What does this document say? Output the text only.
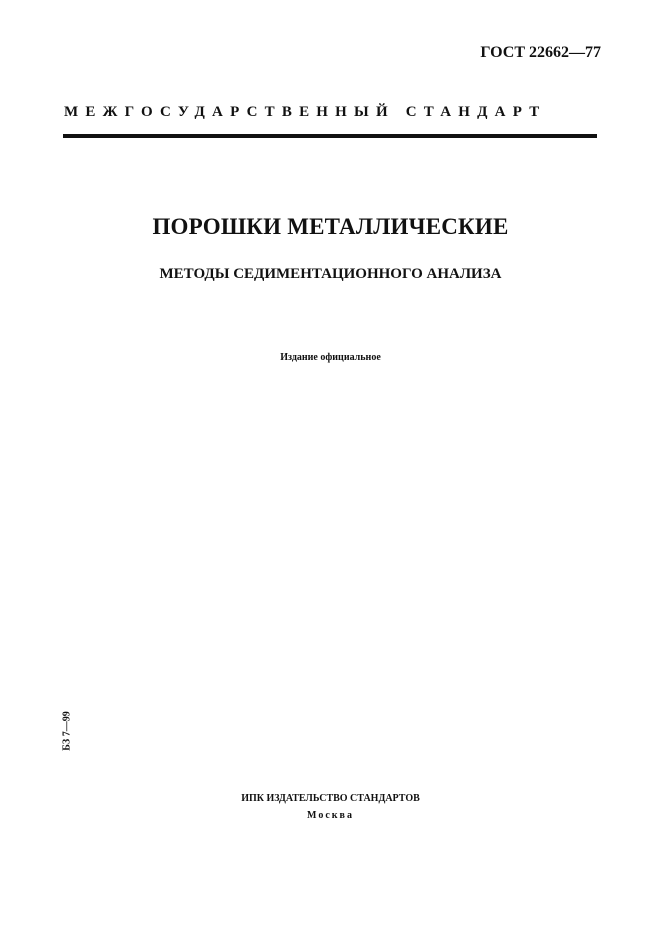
ГОСТ 22662—77
МЕЖГОСУДАРСТВЕННЫЙ СТАНДАРТ
ПОРОШКИ МЕТАЛЛИЧЕСКИЕ
МЕТОДЫ СЕДИМЕНТАЦИОННОГО АНАЛИЗА
Издание официальное
БЗ 7—99
ИПК ИЗДАТЕЛЬСТВО СТАНДАРТОВ
Москва
